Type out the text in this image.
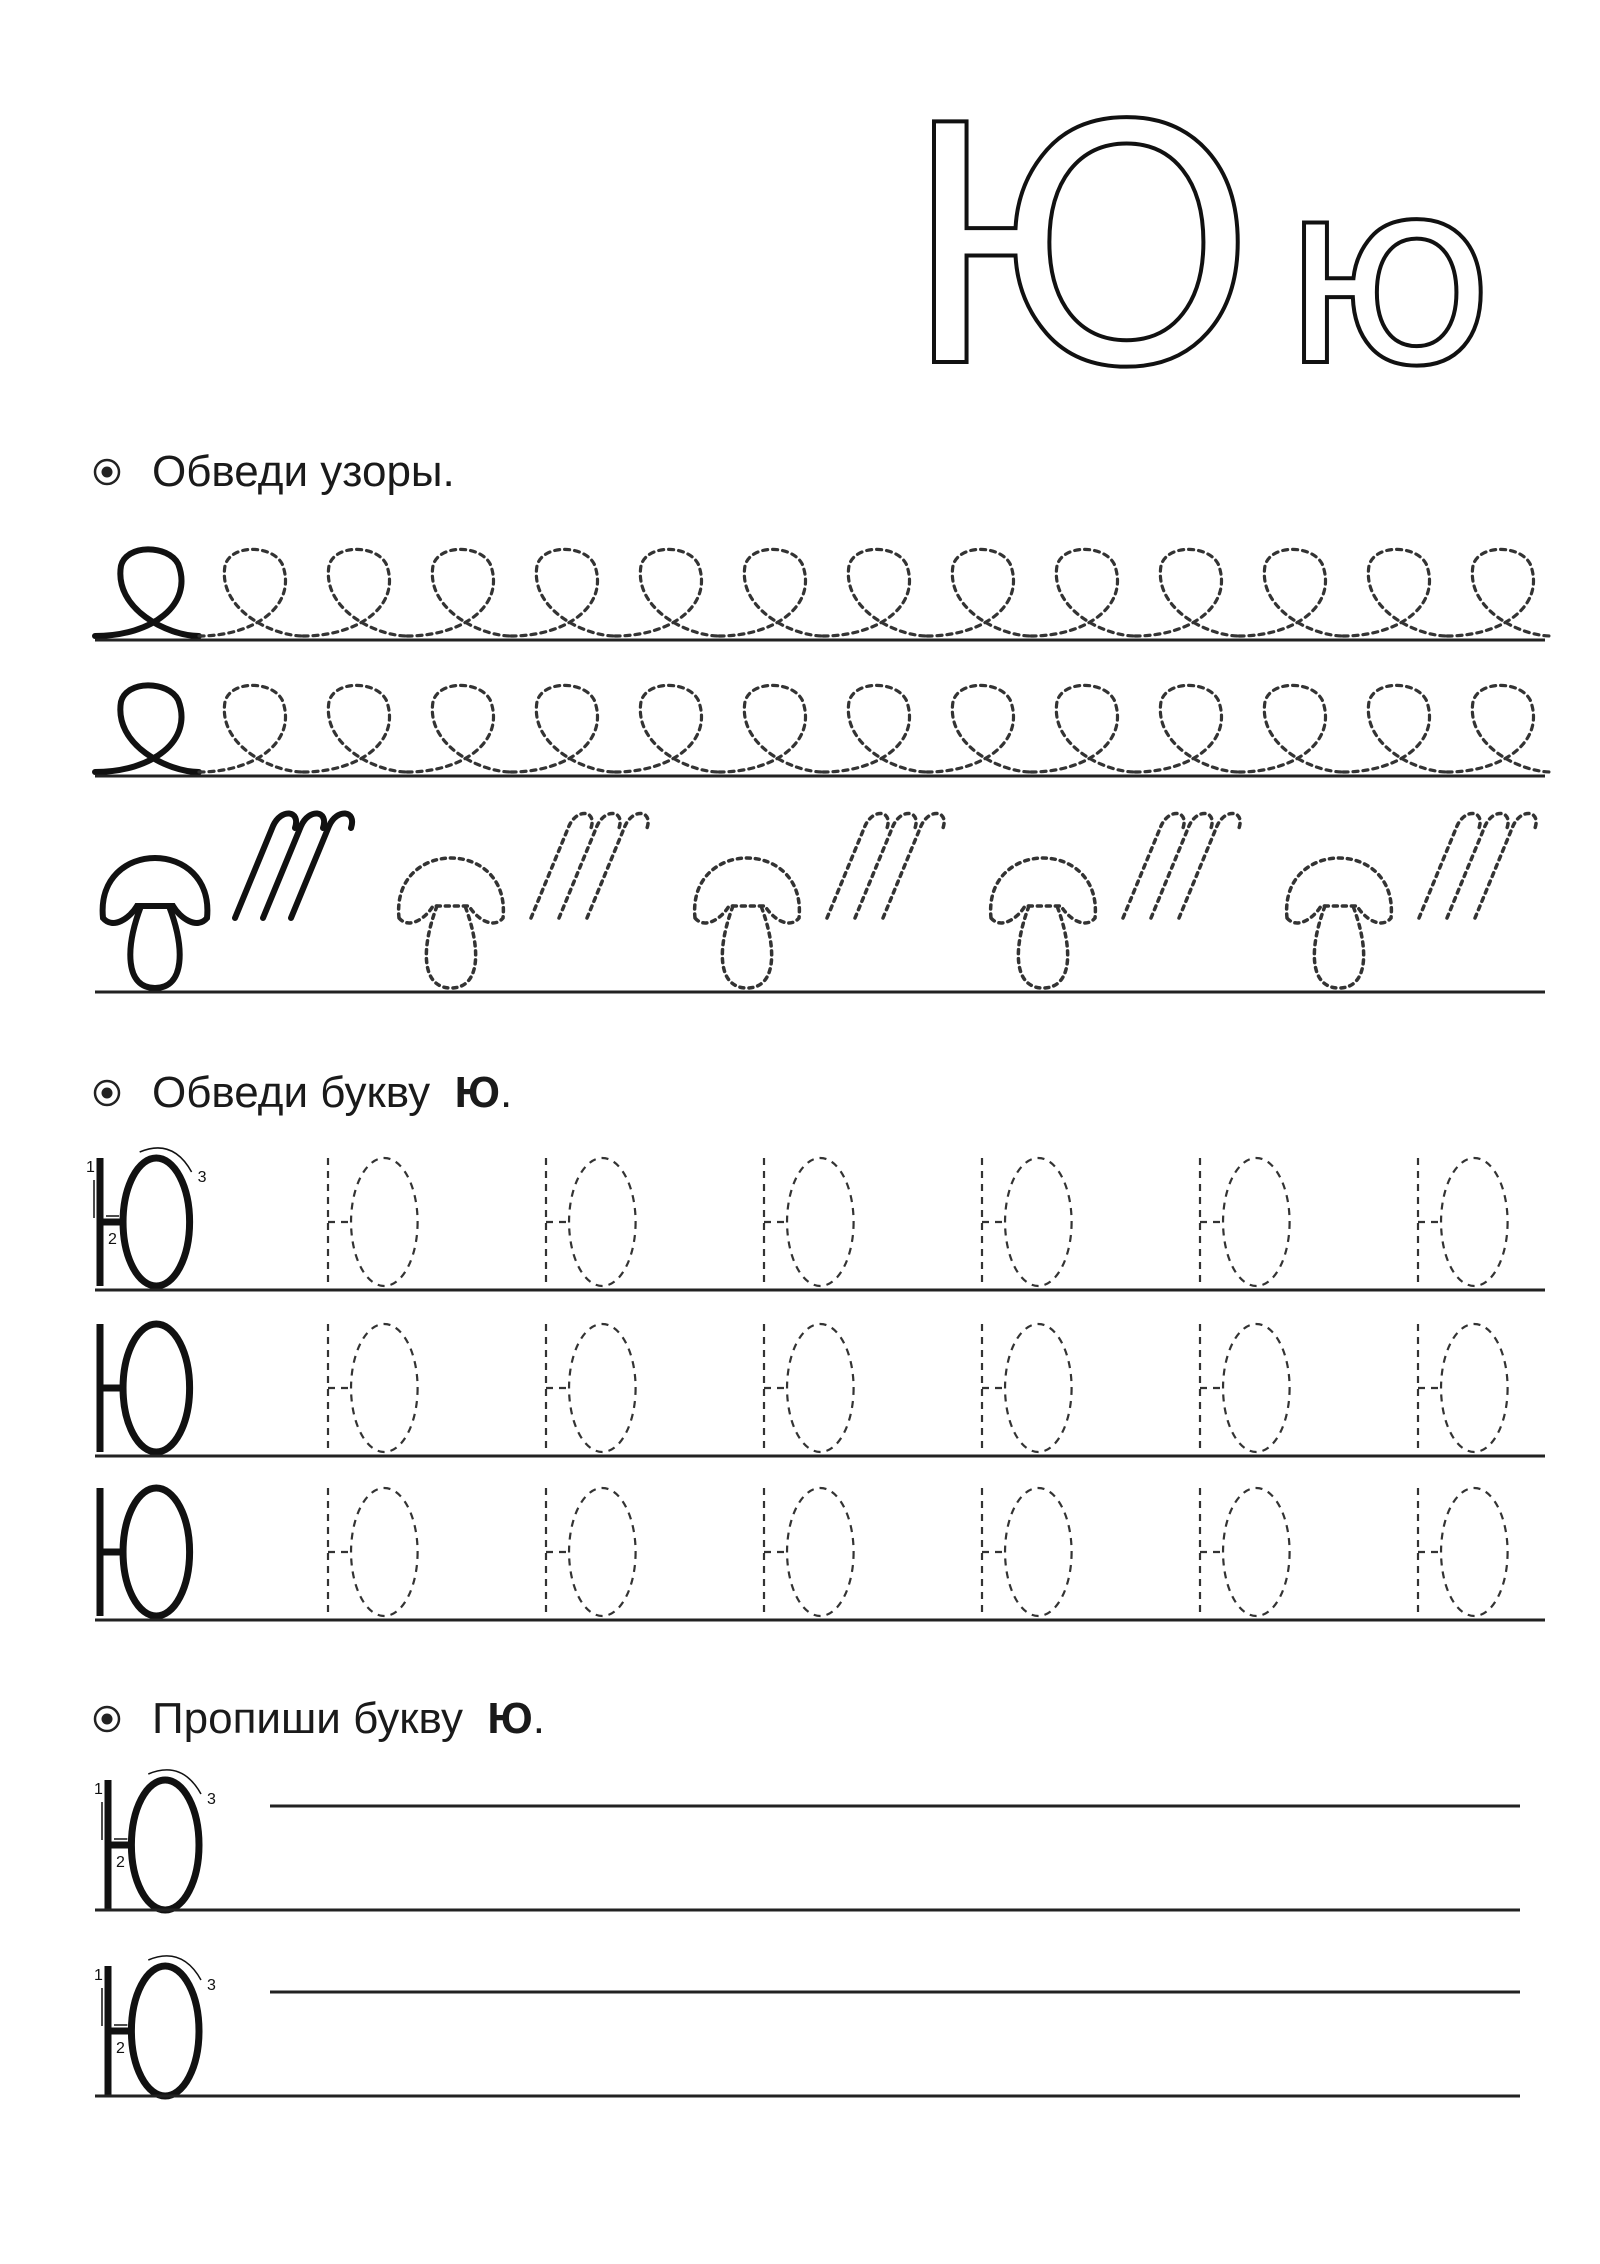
Ю ю
Обведи узоры.
Обведи букву Ю.
Пропиши букву Ю.
1
2
3
1
2
3
1
2
3
